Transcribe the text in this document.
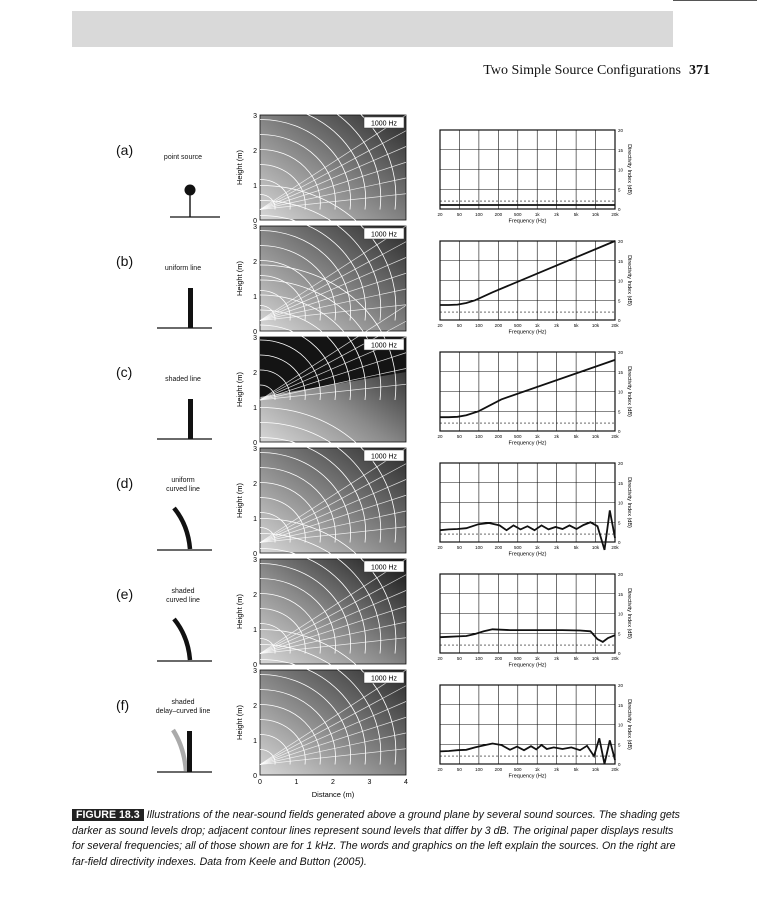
Two Simple Source Configurations 371
(a)	point source
1000 Hz
Height (m)
0
1
2
3
20	50	100	200	500	1k	2k	5k	10k	20k
0
5
10
15
20
Frequency (Hz)
Directivity Index (dB)
(b)	uniform line
1000 Hz
Height (m)
0
1
2
3
20	50	100	200	500	1k	2k	5k	10k	20k
0
5
10
15
20
Frequency (Hz)
Directivity Index (dB)
(c)	shaded line
1000 Hz
Height (m)
0
1
2
3
20	50	100	200	500	1k	2k	5k	10k	20k
0
5
10
15
20
Frequency (Hz)
Directivity Index (dB)
(d)	uniform
curved line
1000 Hz
Height (m)
0
1
2
3
20	50	100	200	500	1k	2k	5k	10k	20k
0
5
10
15
20
Frequency (Hz)
Directivity Index (dB)
(e)	shaded
curved line
1000 Hz
Height (m)
0
1
2
3
20	50	100	200	500	1k	2k	5k	10k	20k
0
5
10
15
20
Frequency (Hz)
Directivity Index (dB)
(f)	shaded
delay–curved line
1000 Hz
Height (m)
0
1
2
3
20	50	100	200	500	1k	2k	5k	10k	20k
0
5
10
15
20
Frequency (Hz)
Directivity Index (dB)
0	1	2	3	4
Distance (m)
FIGURE 18.3 Illustrations of the near-sound fields generated above a ground plane by several sound sources. The shading gets darker as sound levels drop; adjacent contour lines represent sound levels that differ by 3 dB. The original paper displays results for several frequencies; all of those shown are for 1 kHz. The words and graphics on the left explain the sources. On the right are far-field directivity indexes. Data from Keele and Button (2005).
